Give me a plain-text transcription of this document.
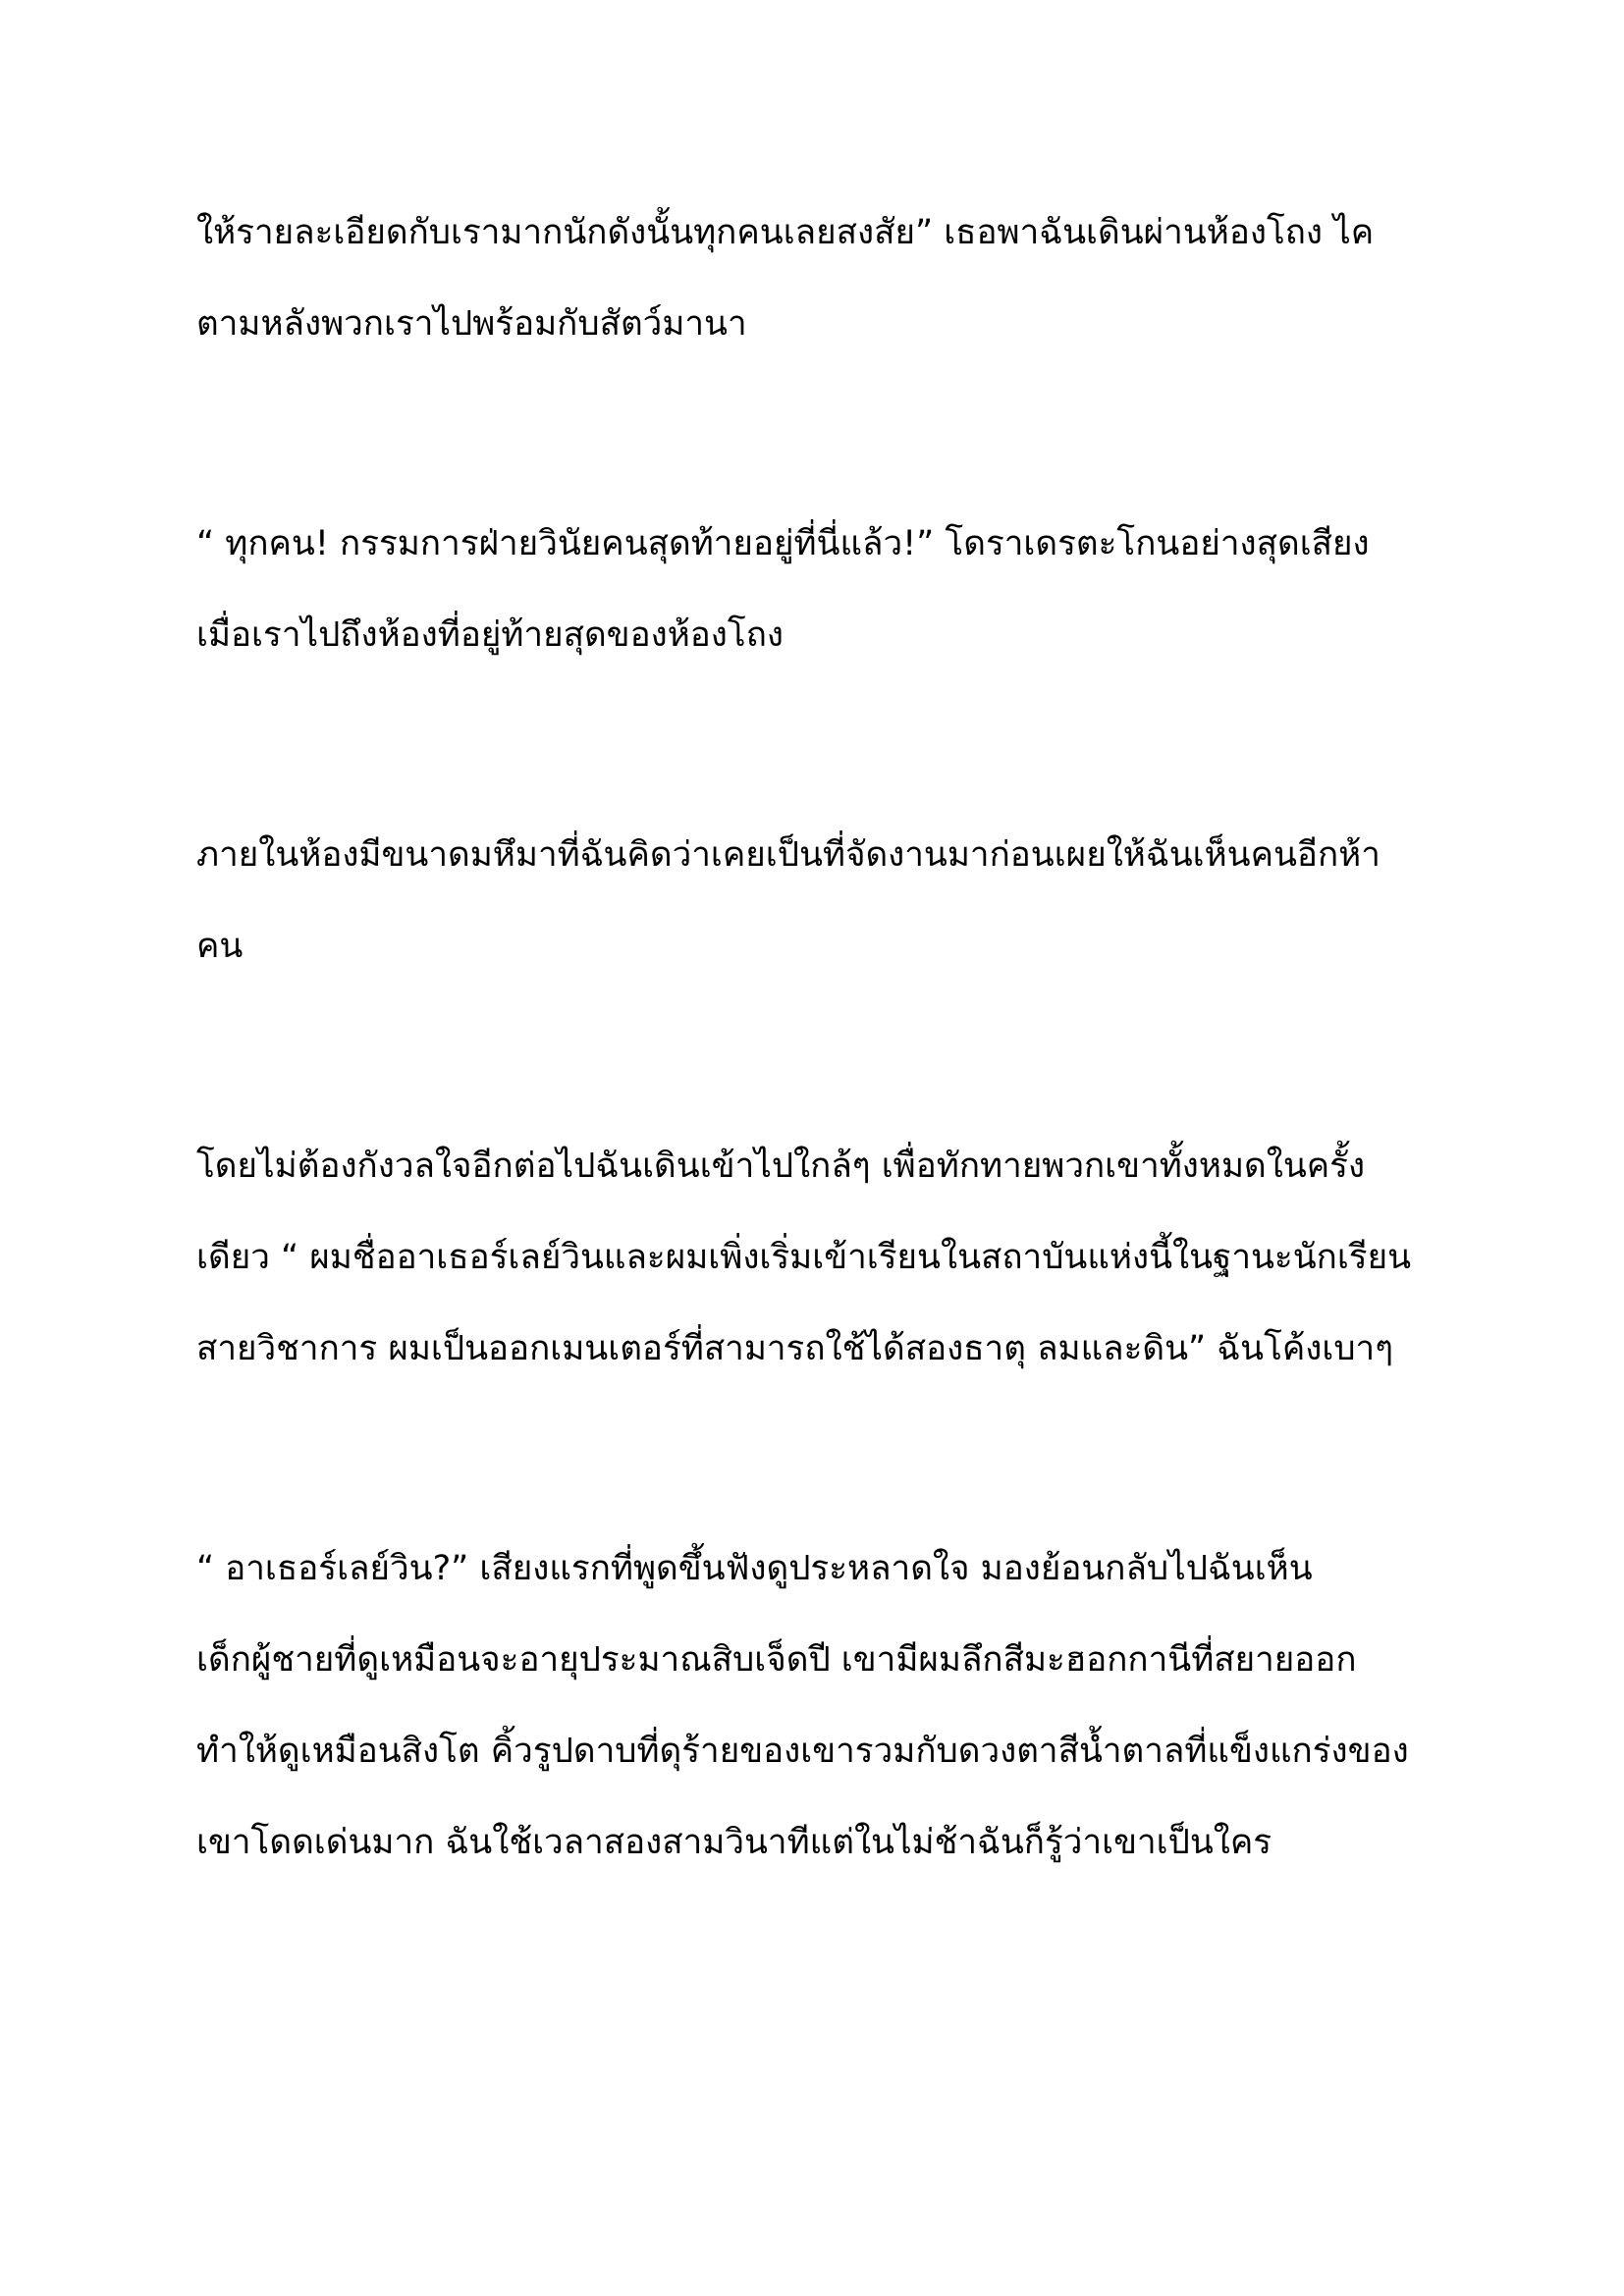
ให้รายละเอียดกับเรามากนักดังนั้นทุกคนเลยสงสัย” เธอพาฉันเดินผ่านห้องโถง ไค

ตามหลังพวกเราไปพร้อมกับสัตว์มานา

“ ทุกคน! กรรมการฝ่ายวินัยคนสุดท้ายอยู่ที่นี่แล้ว!” โดราเดรตะโกนอย่างสุดเสียง

เมื่อเราไปถึงห้องที่อยู่ท้ายสุดของห้องโถง

ภายในห้องมีขนาดมหึมาที่ฉันคิดว่าเคยเป็นที่จัดงานมาก่อนเผยให้ฉันเห็นคนอีกห้า

คน

โดยไม่ต้องกังวลใจอีกต่อไปฉันเดินเข้าไปใกล้ๆ เพื่อทักทายพวกเขาทั้งหมดในครั้ง

เดียว “ ผมชื่ออาเธอร์เลย์วินและผมเพิ่งเริ่มเข้าเรียนในสถาบันแห่งนี้ในฐานะนักเรียน

สายวิชาการ ผมเป็นออกเมนเตอร์ที่สามารถใช้ได้สองธาตุ ลมและดิน” ฉันโค้งเบาๆ

“ อาเธอร์เลย์วิน?” เสียงแรกที่พูดขึ้นฟังดูประหลาดใจ มองย้อนกลับไปฉันเห็น

เด็กผู้ชายที่ดูเหมือนจะอายุประมาณสิบเจ็ดปี เขามีผมลึกสีมะฮอกกานีที่สยายออก

ทำให้ดูเหมือนสิงโต คิ้วรูปดาบที่ดุร้ายของเขารวมกับดวงตาสีน้ำตาลที่แข็งแกร่งของ

เขาโดดเด่นมาก ฉันใช้เวลาสองสามวินาทีแต่ในไม่ช้าฉันก็รู้ว่าเขาเป็นใคร
